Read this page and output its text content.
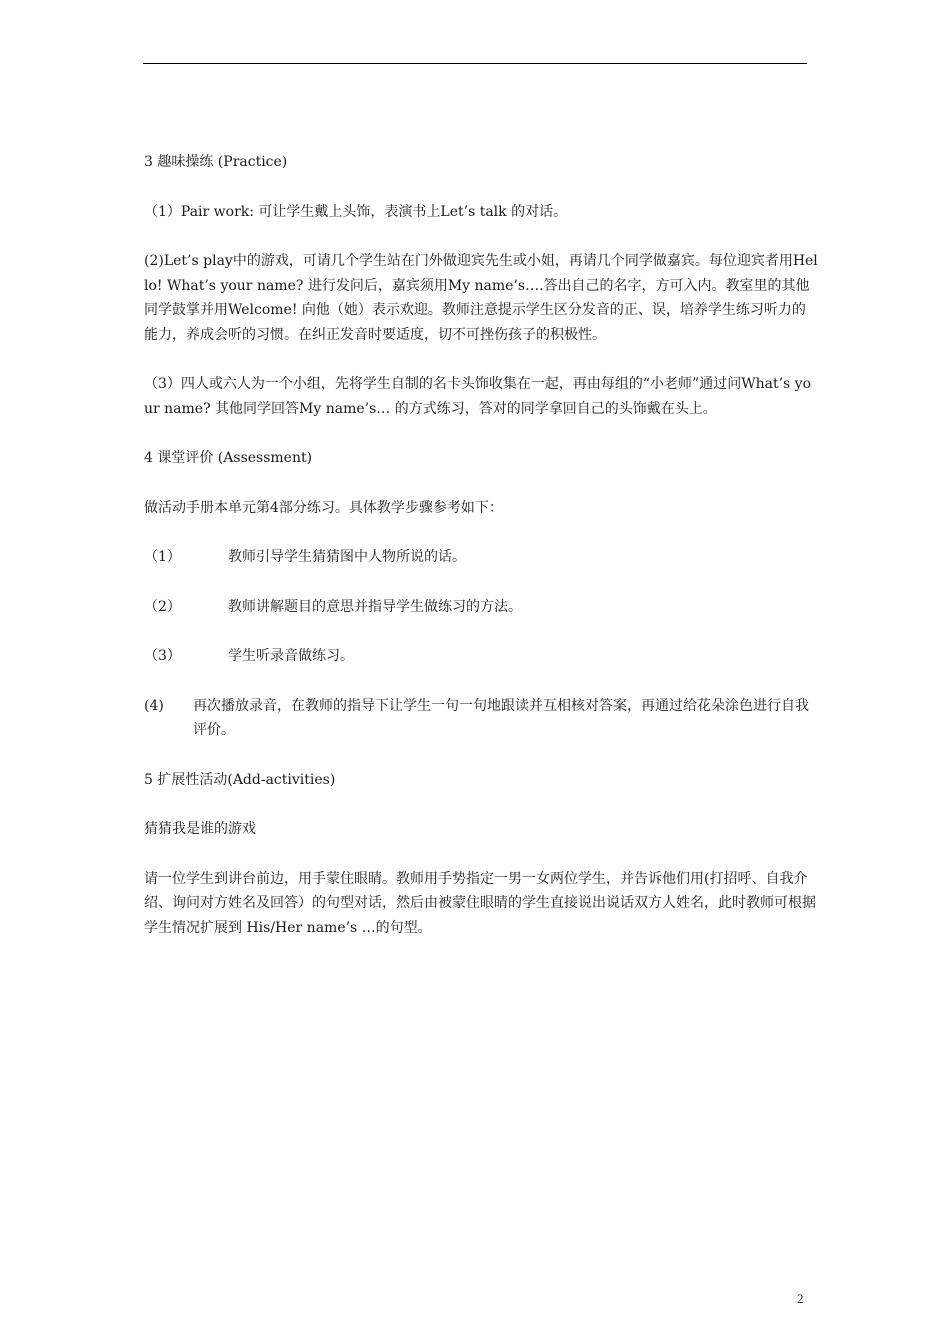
3 趣味操练 (Practice)

（1）Pair work: 可让学生戴上头饰，表演书上Let’s talk 的对话。

(2)Let’s play中的游戏，可请几个学生站在门外做迎宾先生或小姐，再请几个同学做嘉宾。每位迎宾者用Hello! What’s your name? 进行发问后，嘉宾须用My name’s….答出自己的名字，方可入内。教室里的其他同学鼓掌并用Welcome! 向他（她）表示欢迎。教师注意提示学生区分发音的正、误，培养学生练习听力的能力，养成会听的习惯。在纠正发音时要适度，切不可挫伤孩子的积极性。

（3）四人或六人为一个小组，先将学生自制的名卡头饰收集在一起，再由每组的“小老师”通过问What’s your name? 其他同学回答My name’s… 的方式练习，答对的同学拿回自己的头饰戴在头上。

4 课堂评价 (Assessment)

做活动手册本单元第4部分练习。具体教学步骤参考如下：

（1）	教师引导学生猜猜图中人物所说的话。

（2）	教师讲解题目的意思并指导学生做练习的方法。

（3）	学生听录音做练习。

(4)	再次播放录音，在教师的指导下让学生一句一句地跟读并互相核对答案，再通过给花朵涂色进行自我评价。

5 扩展性活动(Add-activities)

猜猜我是谁的游戏

请一位学生到讲台前边，用手蒙住眼睛。教师用手势指定一男一女两位学生，并告诉他们用(打招呼、自我介绍、询问对方姓名及回答）的句型对话，然后由被蒙住眼睛的学生直接说出说话双方人姓名，此时教师可根据学生情况扩展到 His/Her name’s …的句型。

2
